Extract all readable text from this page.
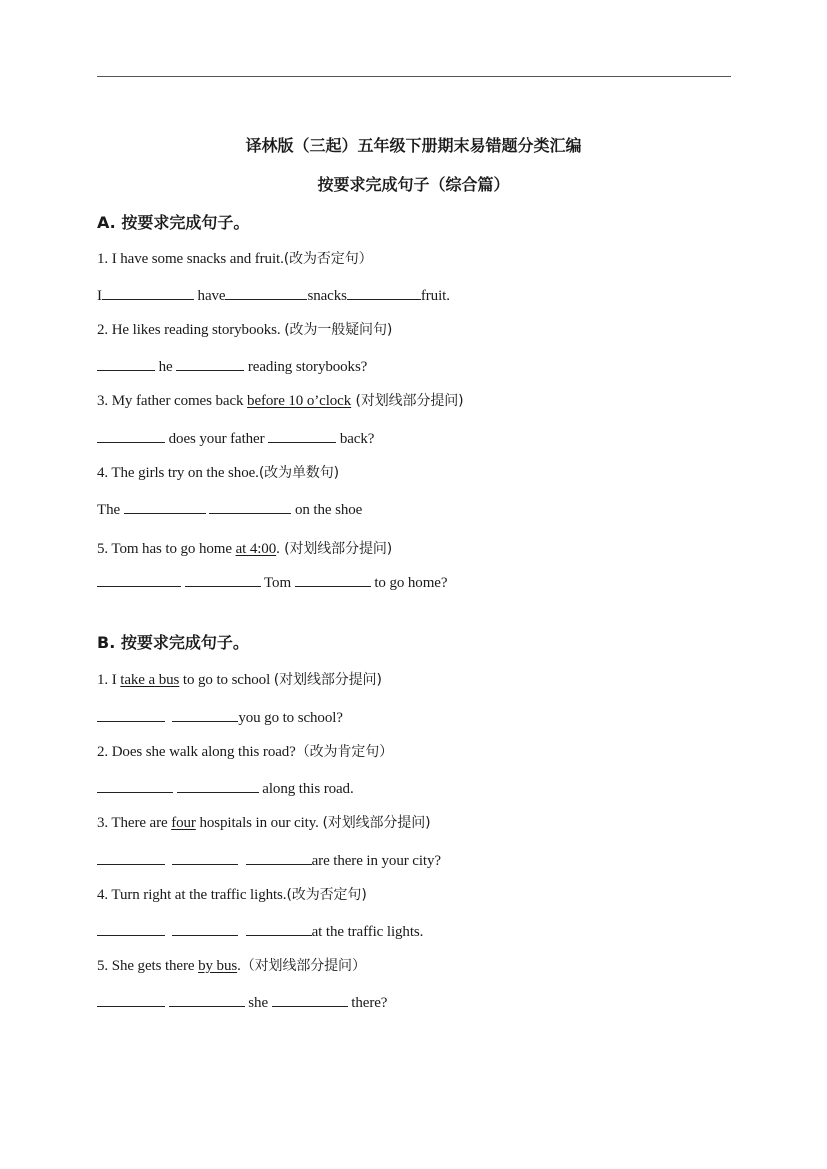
译林版（三起）五年级下册期末易错题分类汇编
按要求完成句子（综合篇）
A. 按要求完成句子。
1. I have some snacks and fruit.(改为否定句）
I	have	snacks	fruit.
2. He likes reading storybooks. (改为一般疑问句)
he	reading storybooks?
3. My father comes back before 10 o’clock (对划线部分提问)
does your father	back?
4. The girls try on the shoe.(改为单数句)
The	on the shoe
5. Tom has to go home at 4:00. (对划线部分提问)
Tom	to go home?
B. 按要求完成句子。
1. I take a bus to go to school (对划线部分提问)
you go to school?
2. Does she walk along this road?（改为肯定句）
along this road.
3. There are four hospitals in our city. (对划线部分提问)
are there in your city?
4. Turn right at the traffic lights.(改为否定句)
at the traffic lights.
5. She gets there by bus.（对划线部分提问）
she	there?
